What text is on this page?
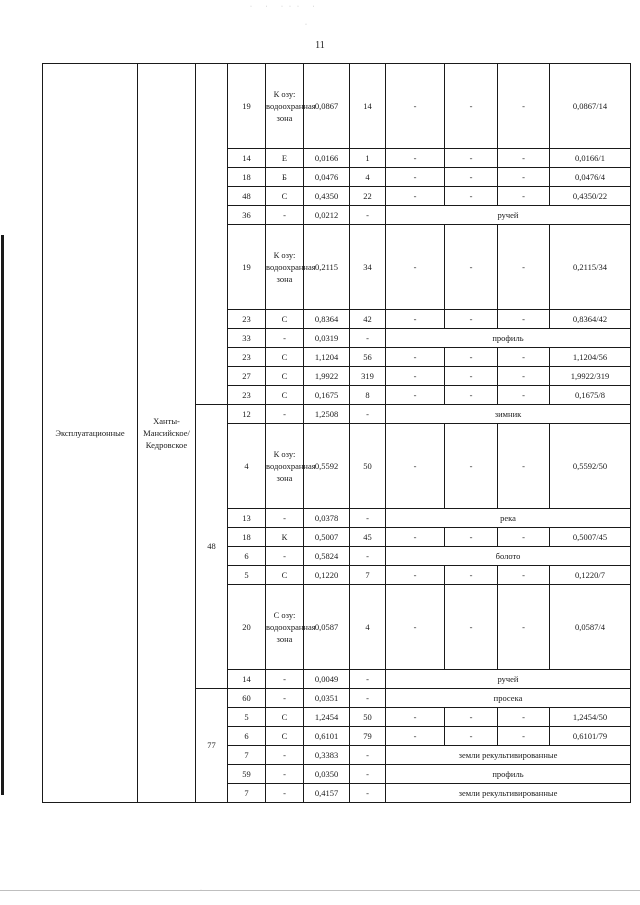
· · ··· ·
·
·
11
Эксплуатационные	Ханты-Мансийское/ Кедровское		19	К озу: водоохранная зона	0,0867	14	-	-	-	0,0867/14
			14	Е	0,0166	1	-	-	-	0,0166/1
			18	Б	0,0476	4	-	-	-	0,0476/4
			48	С	0,4350	22	-	-	-	0,4350/22
			36	-	0,0212	-	ручей			
			19	К озу: водоохранная зона	0,2115	34	-	-	-	0,2115/34
			23	С	0,8364	42	-	-	-	0,8364/42
			33	-	0,0319	-	профиль			
			23	С	1,1204	56	-	-	-	1,1204/56
			27	С	1,9922	319	-	-	-	1,9922/319
			23	С	0,1675	8	-	-	-	0,1675/8
		48	12	-	1,2508	-	зимник			
			4	К озу: водоохранная зона	0,5592	50	-	-	-	0,5592/50
			13	-	0,0378	-	река			
			18	К	0,5007	45	-	-	-	0,5007/45
			6	-	0,5824	-	болото			
			5	С	0,1220	7	-	-	-	0,1220/7
			20	С озу: водоохранная зона	0,0587	4	-	-	-	0,0587/4
			14	-	0,0049	-	ручей			
		77	60	-	0,0351	-	просека			
			5	С	1,2454	50	-	-	-	1,2454/50
			6	С	0,6101	79	-	-	-	0,6101/79
			7	-	0,3383	-	земли рекультивированные			
			59	-	0,0350	-	профиль			
			7	-	0,4157	-	земли рекультивированные			
